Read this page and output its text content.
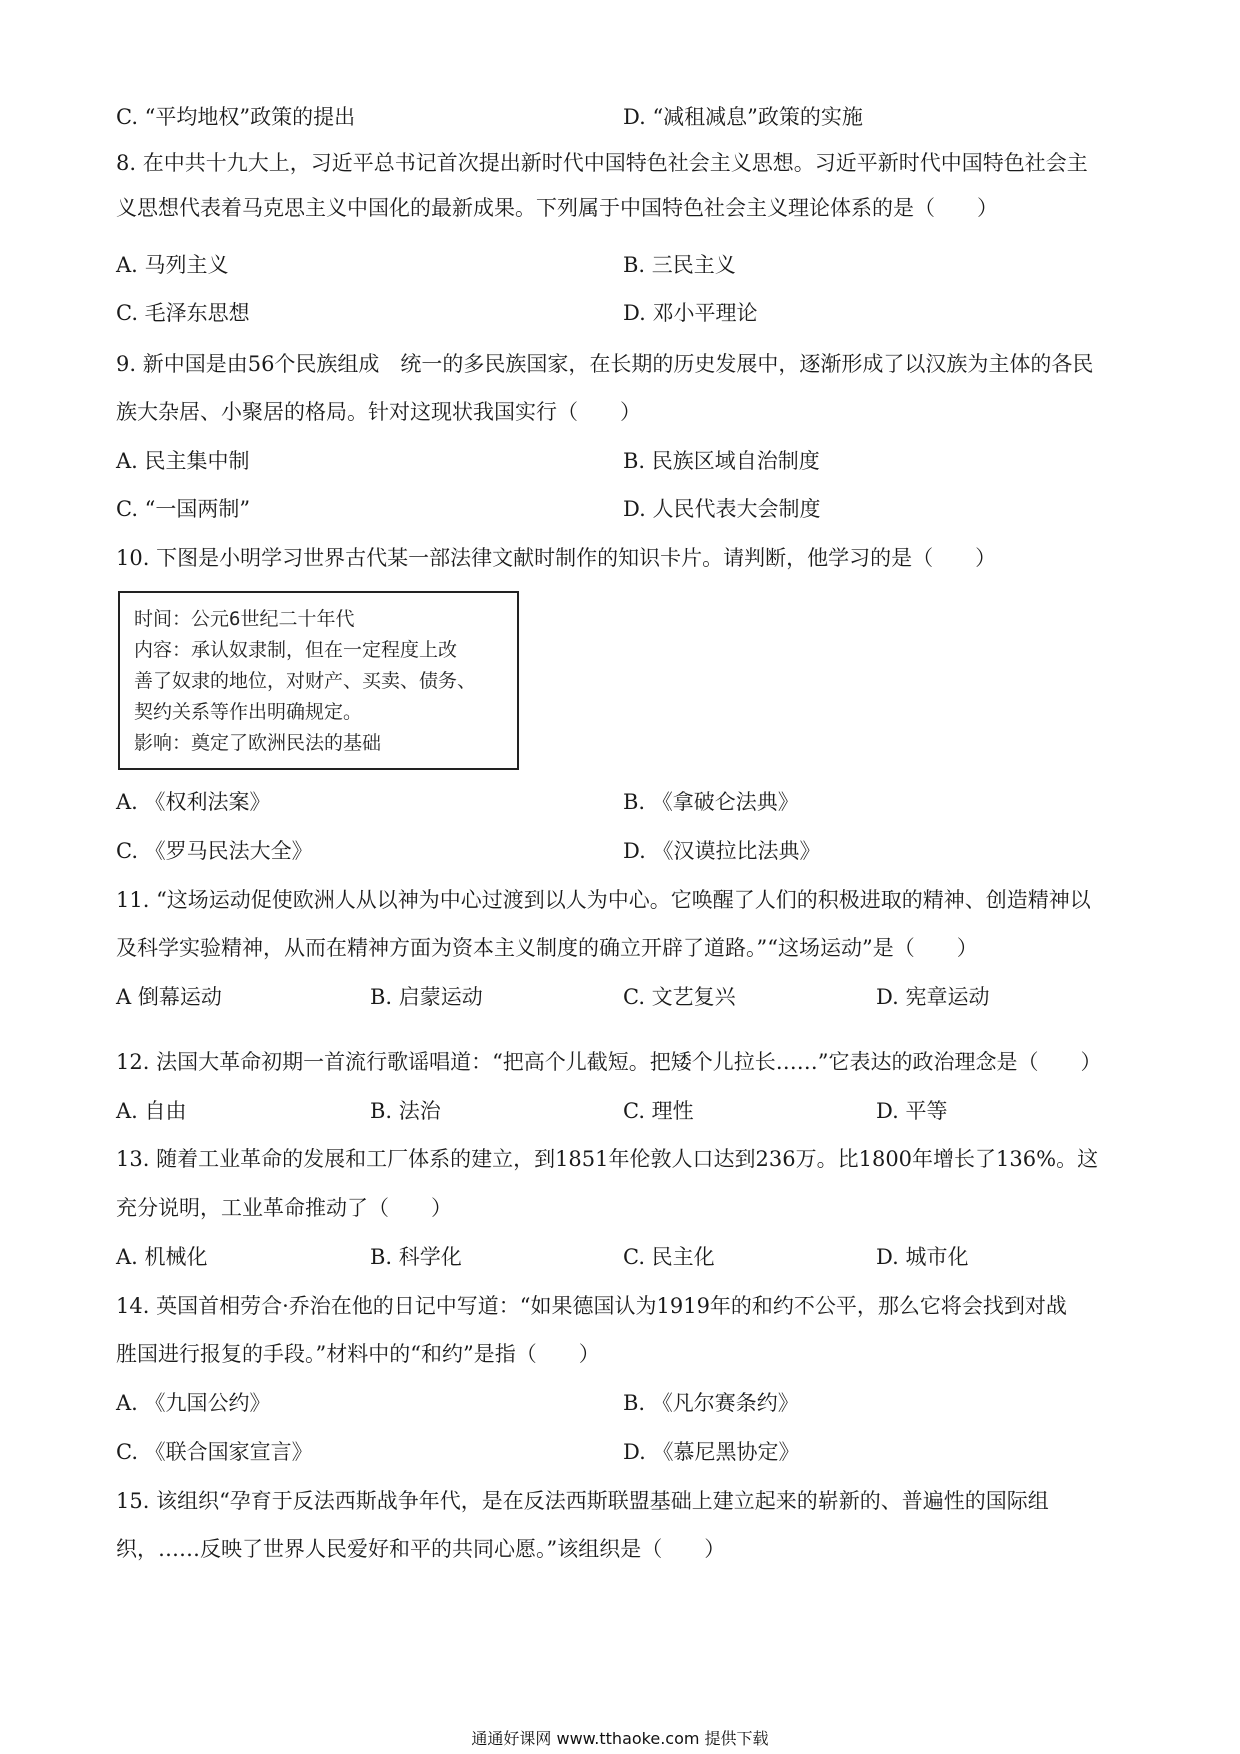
C. “平均地权”政策的提出	D. “减租减息”政策的实施
8. 在中共十九大上，习近平总书记首次提出新时代中国特色社会主义思想。习近平新时代中国特色社会主
义思想代表着马克思主义中国化的最新成果。下列属于中国特色社会主义理论体系的是（　　）
A. 马列主义	B. 三民主义
C. 毛泽东思想	D. 邓小平理论
9. 新中国是由56个民族组成　统一的多民族国家，在长期的历史发展中，逐渐形成了以汉族为主体的各民
族大杂居、小聚居的格局。针对这现状我国实行（　　）
A. 民主集中制	B. 民族区域自治制度
C. “一国两制”	D. 人民代表大会制度
10. 下图是小明学习世界古代某一部法律文献时制作的知识卡片。请判断，他学习的是（　　）
时间：公元6世纪二十年代
内容：承认奴隶制，但在一定程度上改
善了奴隶的地位，对财产、买卖、债务、
契约关系等作出明确规定。
影响：奠定了欧洲民法的基础
A. 《权利法案》	B. 《拿破仑法典》
C. 《罗马民法大全》	D. 《汉谟拉比法典》
11. “这场运动促使欧洲人从以神为中心过渡到以人为中心。它唤醒了人们的积极进取的精神、创造精神以
及科学实验精神，从而在精神方面为资本主义制度的确立开辟了道路。”“这场运动”是（　　）
A 倒幕运动	B. 启蒙运动	C. 文艺复兴	D. 宪章运动
12. 法国大革命初期一首流行歌谣唱道：“把高个儿截短。把矮个儿拉长……”它表达的政治理念是（　　）
A. 自由	B. 法治	C. 理性	D. 平等
13. 随着工业革命的发展和工厂体系的建立，到1851年伦敦人口达到236万。比1800年增长了136%。这
充分说明，工业革命推动了（　　）
A. 机械化	B. 科学化	C. 民主化	D. 城市化
14. 英国首相劳合·乔治在他的日记中写道：“如果德国认为1919年的和约不公平，那么它将会找到对战
胜国进行报复的手段。”材料中的“和约”是指（　　）
A. 《九国公约》	B. 《凡尔赛条约》
C. 《联合国家宣言》	D. 《慕尼黑协定》
15. 该组织“孕育于反法西斯战争年代，是在反法西斯联盟基础上建立起来的崭新的、普遍性的国际组
织，……反映了世界人民爱好和平的共同心愿。”该组织是（　　）
通通好课网 www.tthaoke.com 提供下载
